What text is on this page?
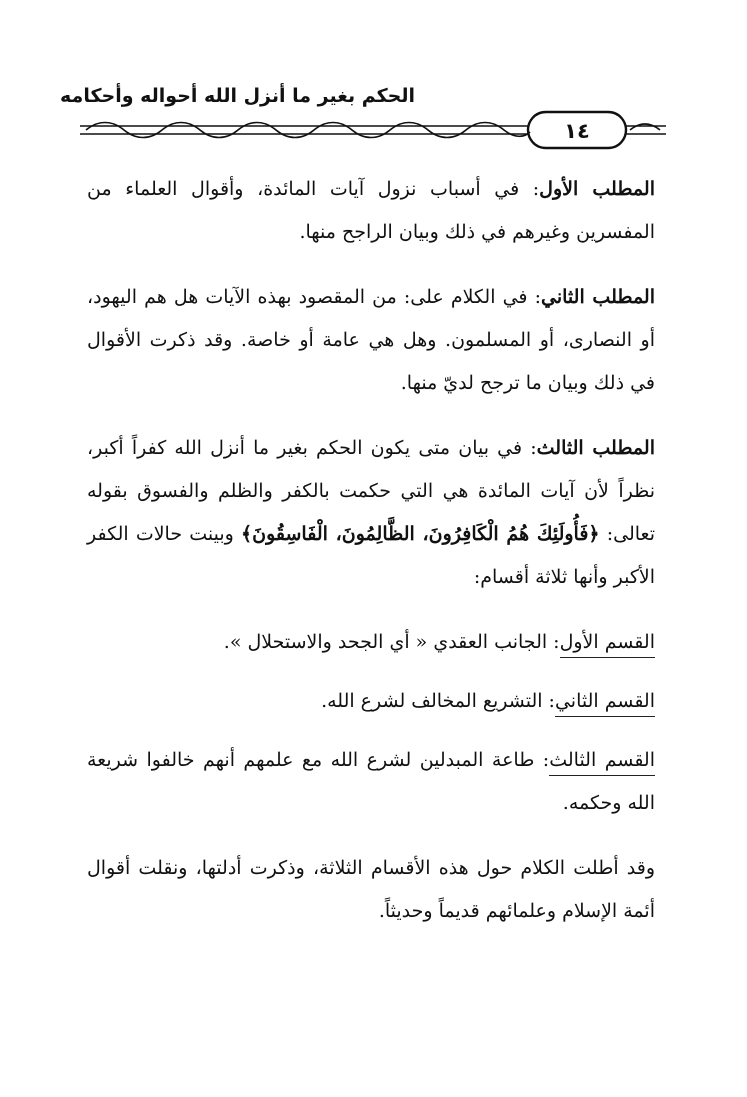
الحكم بغير ما أنزل الله أحواله وأحكامه
١٤

المطلب الأول: في أسباب نزول آيات المائدة، وأقوال العلماء من المفسرين وغيرهم في ذلك وبيان الراجح منها.

المطلب الثاني: في الكلام على: من المقصود بهذه الآيات هل هم اليهود، أو النصارى، أو المسلمون. وهل هي عامة أو خاصة. وقد ذكرت الأقوال في ذلك وبيان ما ترجح لديّ منها.

المطلب الثالث: في بيان متى يكون الحكم بغير ما أنزل الله كفراً أكبر، نظراً لأن آيات المائدة هي التي حكمت بالكفر والظلم والفسوق بقوله تعالى: ﴿فَأُولَئِكَ هُمُ الْكَافِرُونَ، الظَّالِمُونَ، الْفَاسِقُونَ﴾ وبينت حالات الكفر الأكبر وأنها ثلاثة أقسام:

القسم الأول: الجانب العقدي « أي الجحد والاستحلال ».

القسم الثاني: التشريع المخالف لشرع الله.

القسم الثالث: طاعة المبدلين لشرع الله مع علمهم أنهم خالفوا شريعة الله وحكمه.

وقد أطلت الكلام حول هذه الأقسام الثلاثة، وذكرت أدلتها، ونقلت أقوال أئمة الإسلام وعلمائهم قديماً وحديثاً.
